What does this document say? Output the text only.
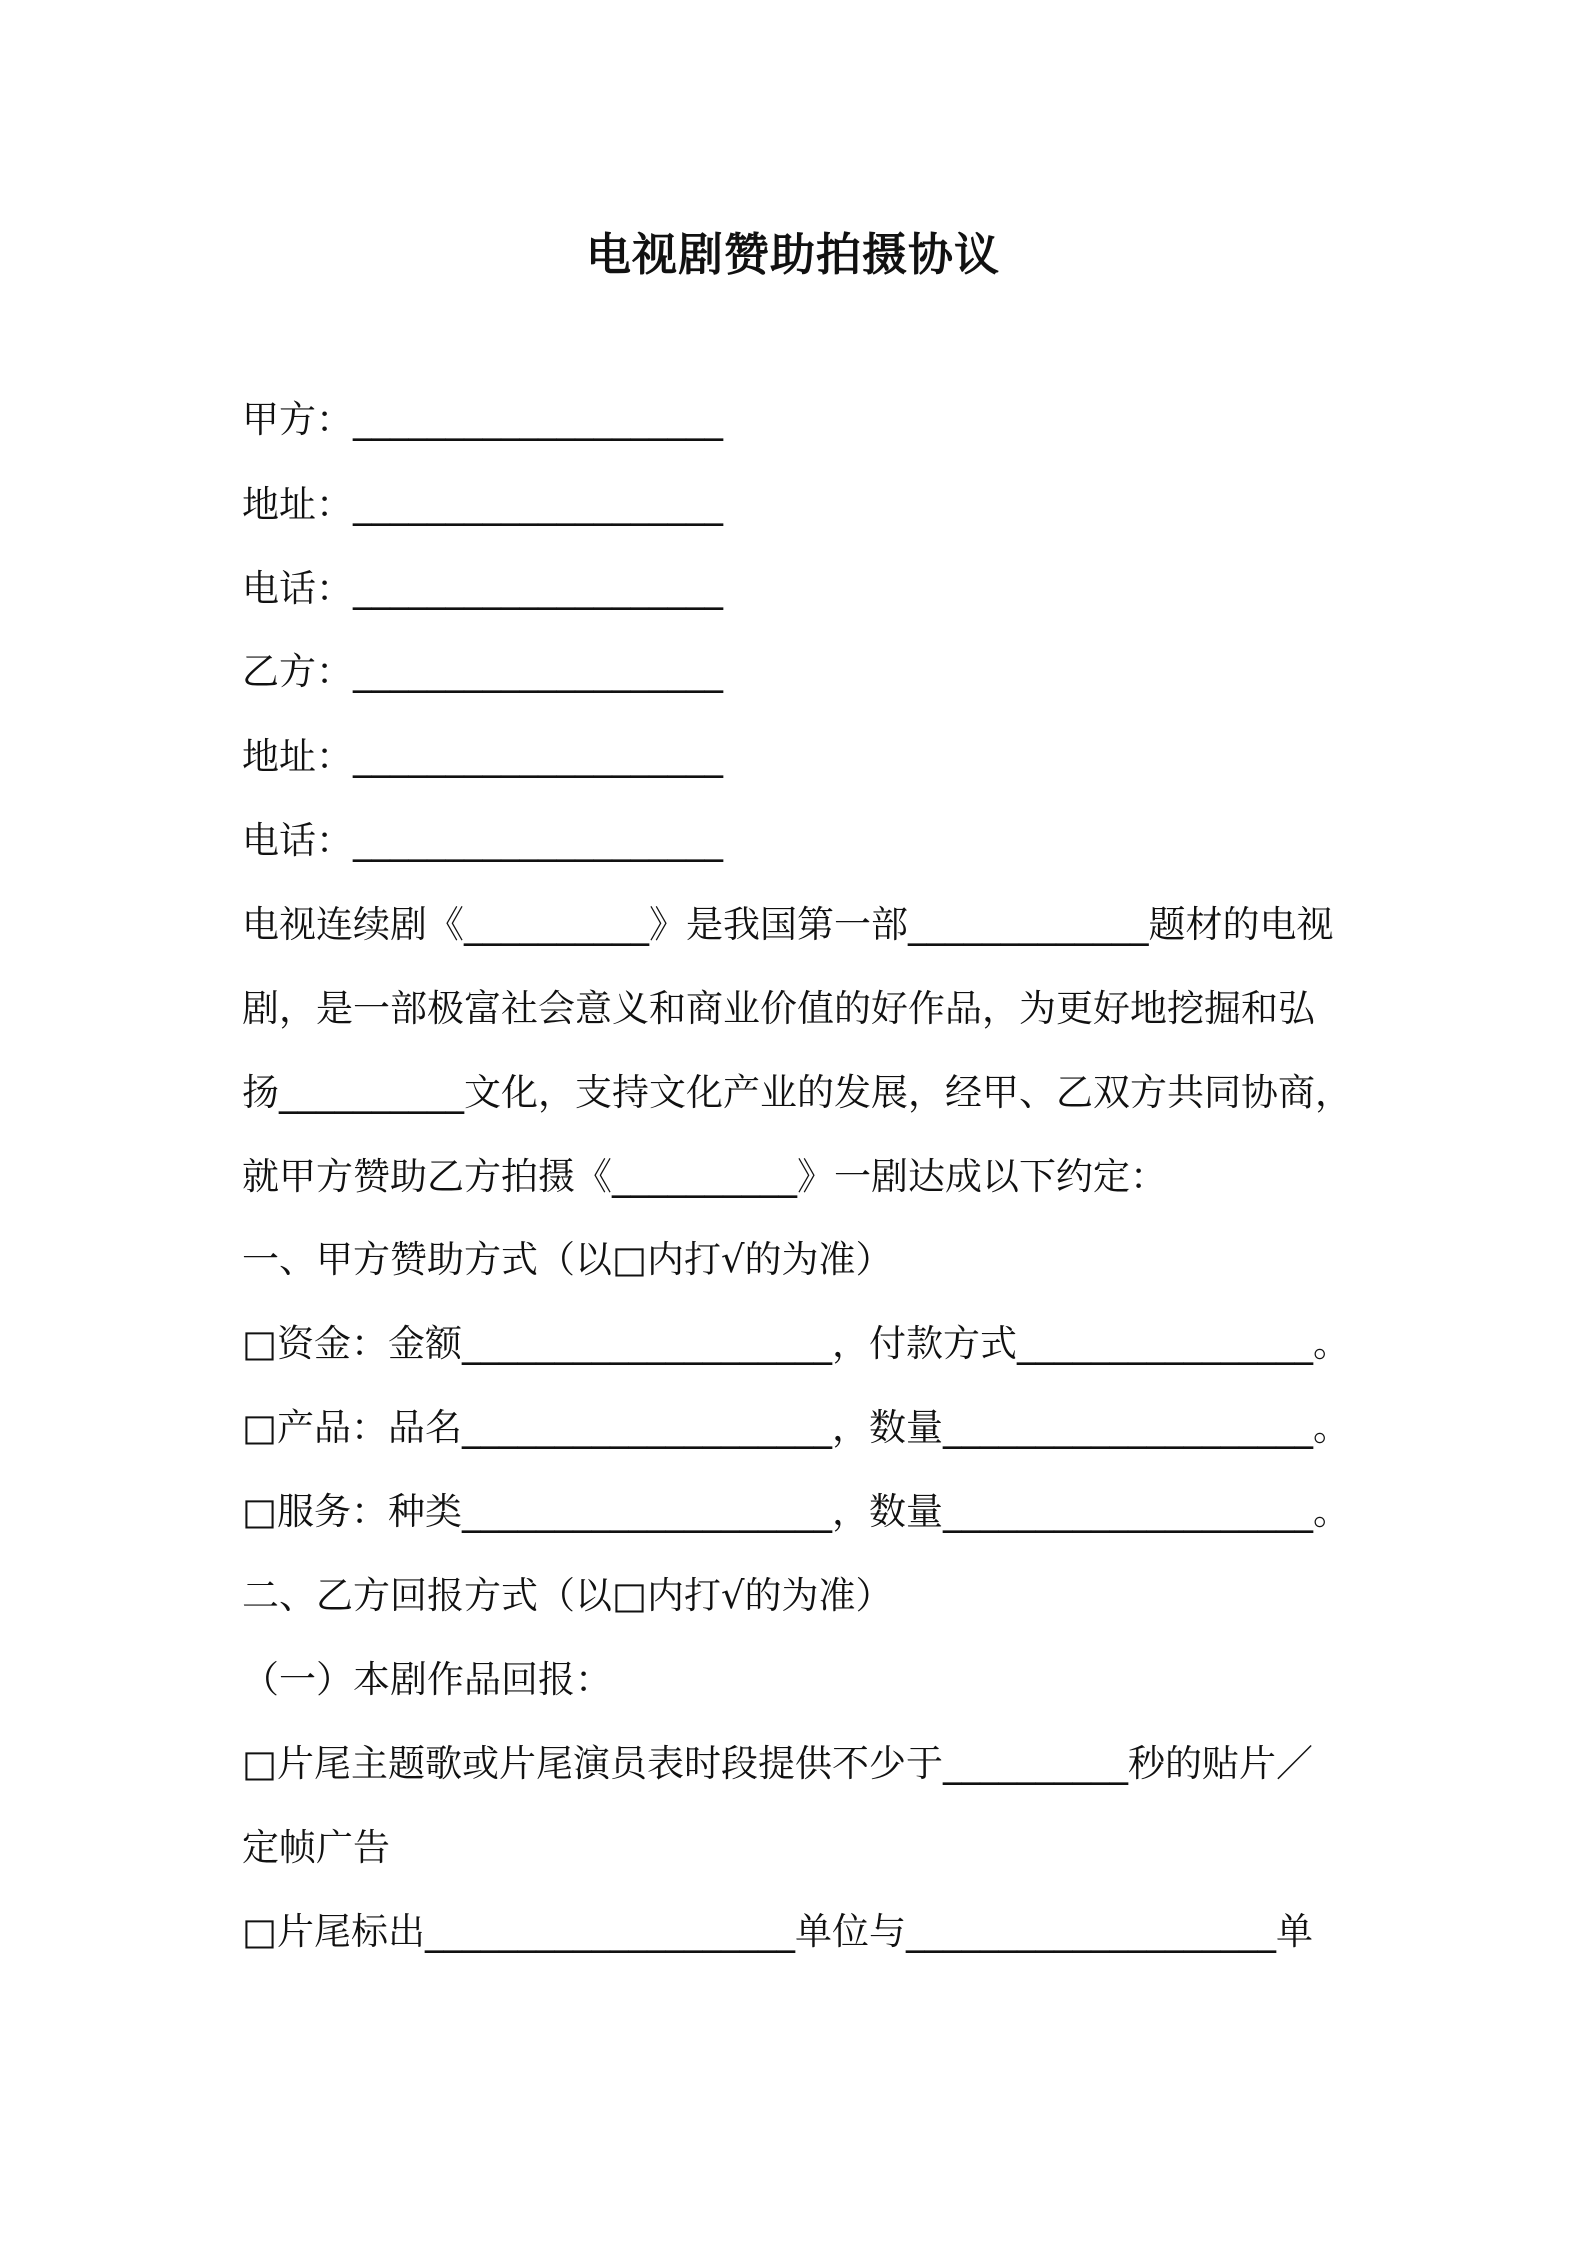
电视剧赞助拍摄协议
甲方：____________________
地址：____________________
电话：____________________
乙方：____________________
地址：____________________
电话：____________________
电视连续剧《__________》是我国第一部_____________题材的电视
剧，是一部极富社会意义和商业价值的好作品，为更好地挖掘和弘
扬__________文化，支持文化产业的发展，经甲、乙双方共同协商，
就甲方赞助乙方拍摄《__________》一剧达成以下约定：
一、甲方赞助方式（以□内打√的为准）
□资金：金额____________________，付款方式________________。
□产品：品名____________________，数量____________________。
□服务：种类____________________，数量____________________。
二、乙方回报方式（以□内打√的为准）
（一）本剧作品回报：
□片尾主题歌或片尾演员表时段提供不少于__________秒的贴片／
定帧广告
□片尾标出____________________单位与____________________单
